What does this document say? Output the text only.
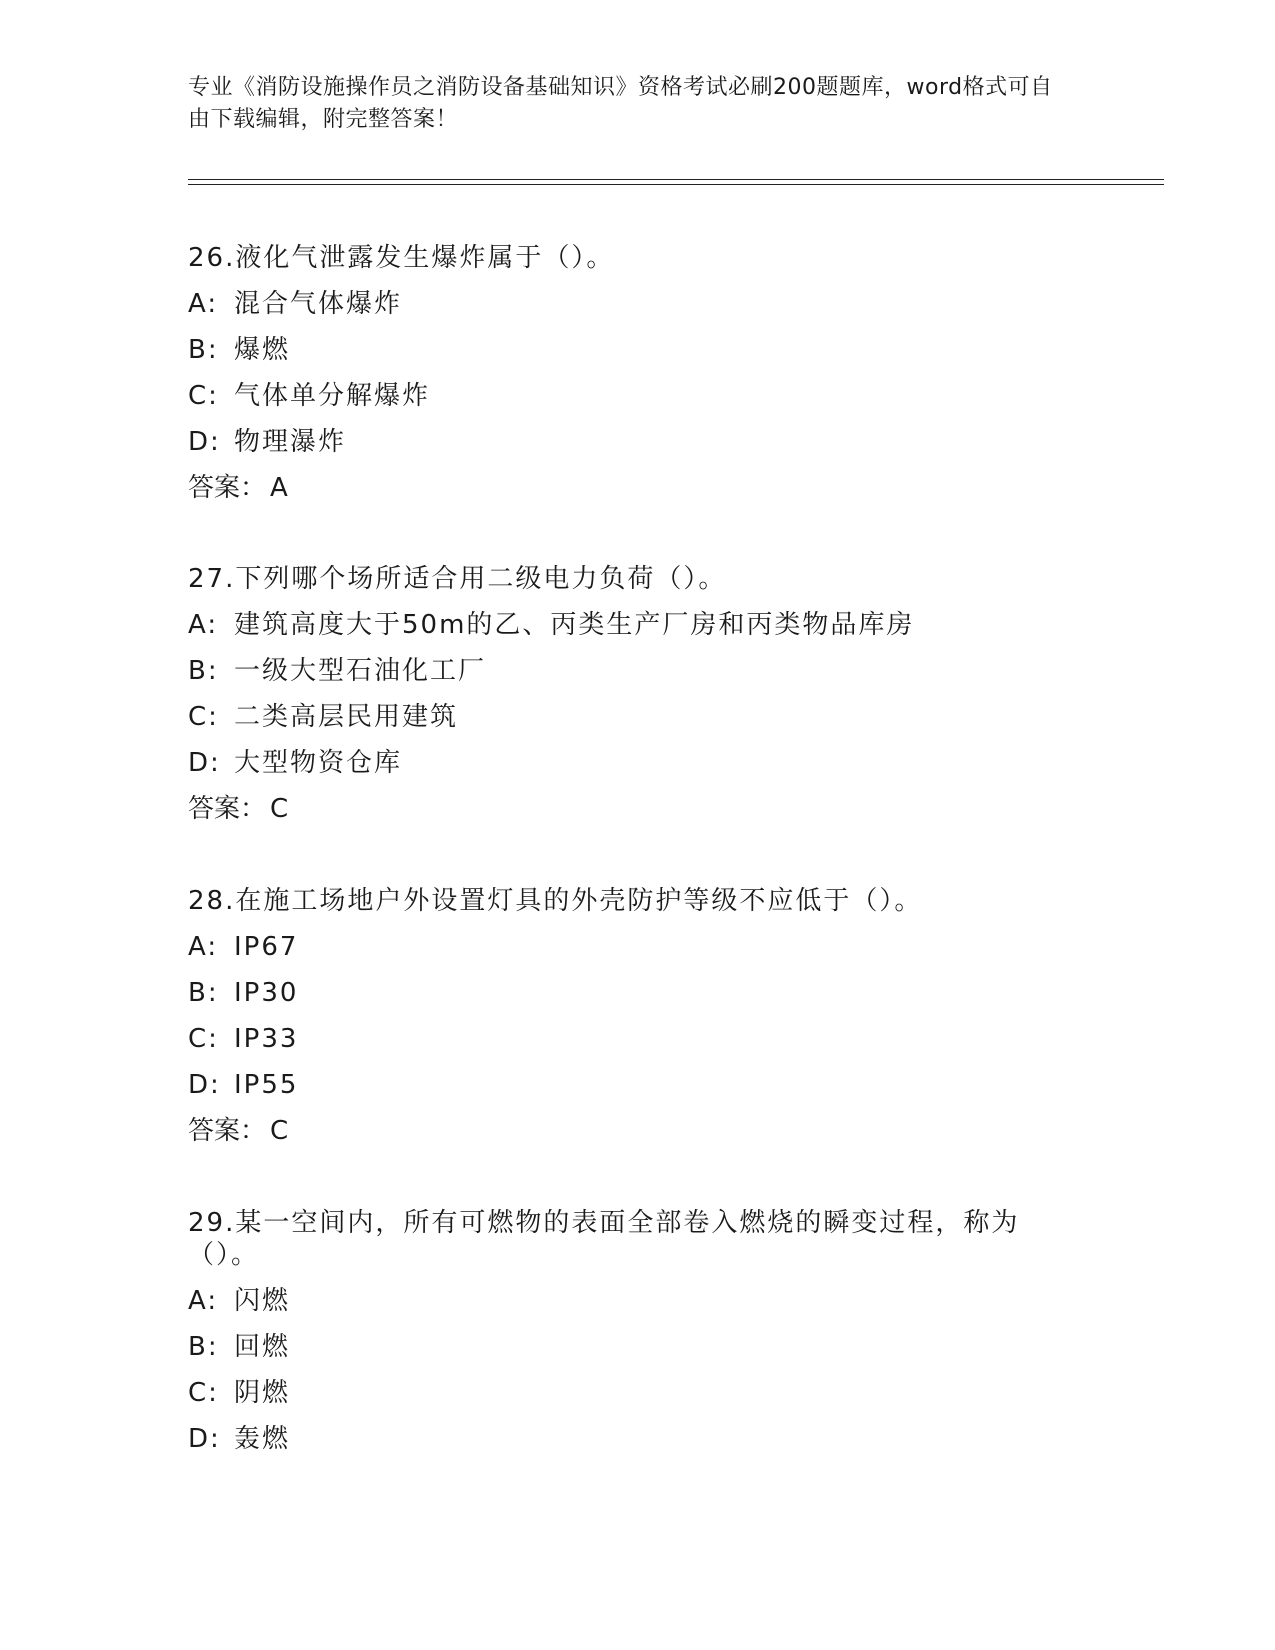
专业《消防设施操作员之消防设备基础知识》资格考试必刷200题题库，word格式可自由下载编辑，附完整答案！
26.液化气泄露发生爆炸属于（）。
A: 混合气体爆炸
B: 爆燃
C: 气体单分解爆炸
D: 物理瀑炸
答案： A
27.下列哪个场所适合用二级电力负荷（）。
A: 建筑高度大于50m的乙、丙类生产厂房和丙类物品库房
B: 一级大型石油化工厂
C: 二类高层民用建筑
D: 大型物资仓库
答案： C
28.在施工场地户外设置灯具的外壳防护等级不应低于（）。
A: IP67
B: IP30
C: IP33
D: IP55
答案： C
29.某一空间内，所有可燃物的表面全部卷入燃烧的瞬变过程，称为（）。
A: 闪燃
B: 回燃
C: 阴燃
D: 轰燃
